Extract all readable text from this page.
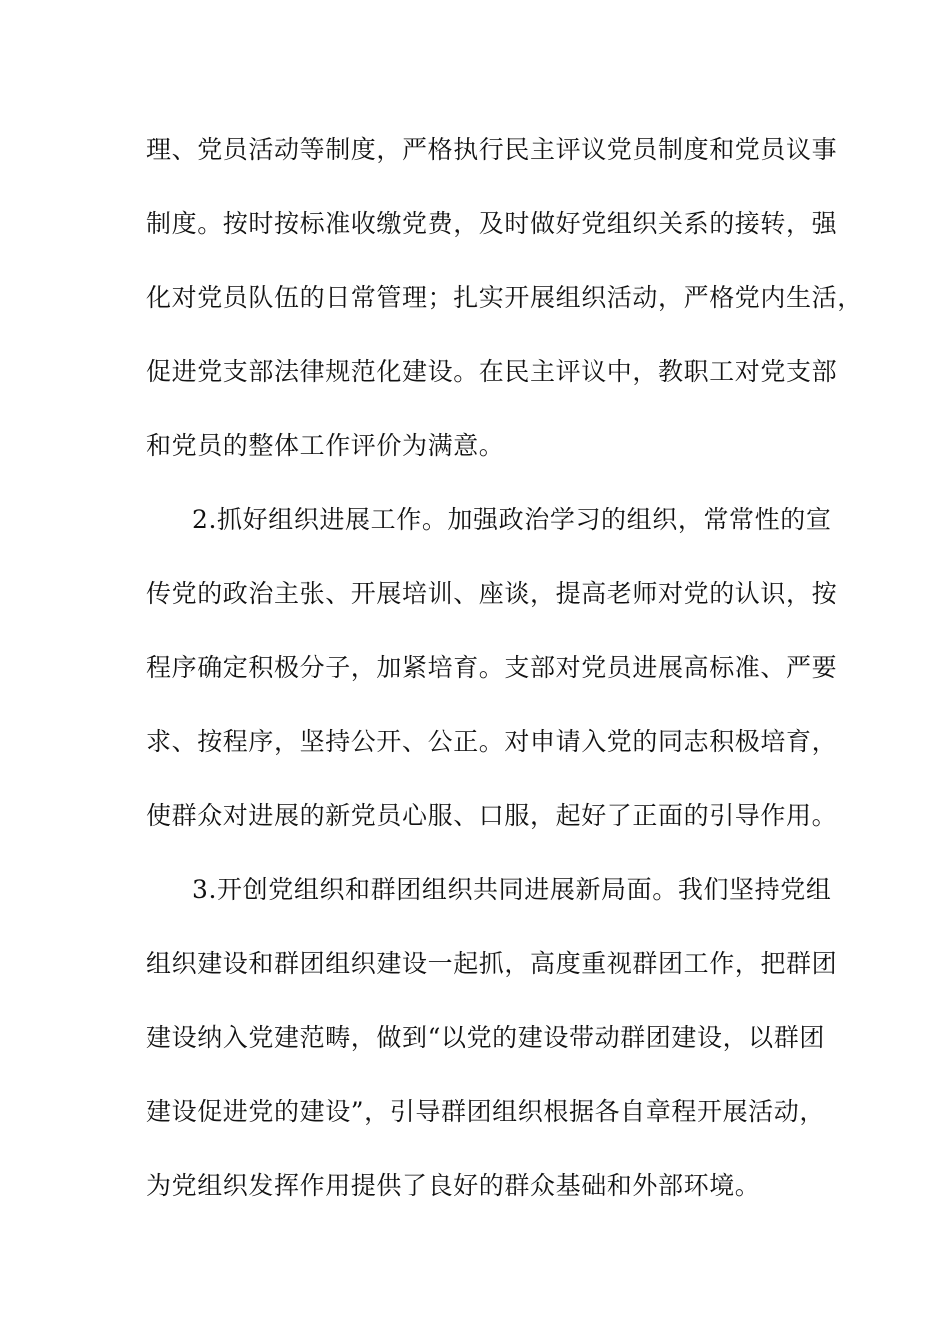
理、党员活动等制度，严格执行民主评议党员制度和党员议事
制度。按时按标准收缴党费，及时做好党组织关系的接转，强
化对党员队伍的日常管理；扎实开展组织活动，严格党内生活，
促进党支部法律规范化建设。在民主评议中，教职工对党支部
和党员的整体工作评价为满意。
2.抓好组织进展工作。加强政治学习的组织，常常性的宣
传党的政治主张、开展培训、座谈，提高老师对党的认识，按
程序确定积极分子，加紧培育。支部对党员进展高标准、严要
求、按程序，坚持公开、公正。对申请入党的同志积极培育，
使群众对进展的新党员心服、口服，起好了正面的引导作用。
3.开创党组织和群团组织共同进展新局面。我们坚持党组
组织建设和群团组织建设一起抓，高度重视群团工作，把群团
建设纳入党建范畴，做到“以党的建设带动群团建设，以群团
建设促进党的建设”，引导群团组织根据各自章程开展活动，
为党组织发挥作用提供了良好的群众基础和外部环境。
